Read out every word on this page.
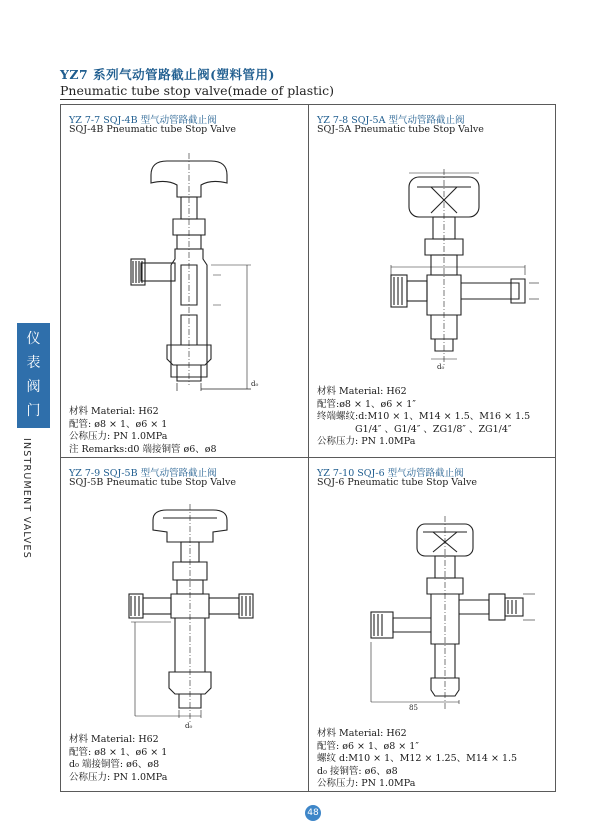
YZ7 系列气动管路截止阀(塑料管用)
Pneumatic tube stop valve(made of plastic)
仪
表
阀
门
INSTRUMENT VALVES
YZ 7-7 SQJ-4B 型气动管路截止阀
SQJ-4B Pneumatic tube Stop Valve
d₀
材料 Material: H62
配管: ø8 × 1、ø6 × 1
公称压力: PN 1.0MPa
注 Remarks:d0 端接铜管 ø6、ø8
YZ 7-8 SQJ-5A 型气动管路截止阀
SQJ-5A Pneumatic tube Stop Valve
d₀
材料 Material: H62
配管:ø8 × 1、ø6 × 1″
终端螺纹:d:M10 × 1、M14 × 1.5、M16 × 1.5
G1/4″ 、G1/4″ 、ZG1/8″ 、ZG1/4″
公称压力: PN 1.0MPa
YZ 7-9 SQJ-5B 型气动管路截止阀
SQJ-5B Pneumatic tube Stop Valve
d₀
材料 Material: H62
配管: ø8 × 1、ø6 × 1
d₀ 端接铜管: ø6、ø8
公称压力: PN 1.0MPa
YZ 7-10 SQJ-6 型气动管路截止阀
SQJ-6 Pneumatic tube Stop Valve
85
材料 Material: H62
配管: ø6 × 1、ø8 × 1″
螺纹 d:M10 × 1、M12 × 1.25、M14 × 1.5
d₀ 接铜管: ø6、ø8
公称压力: PN 1.0MPa
48
